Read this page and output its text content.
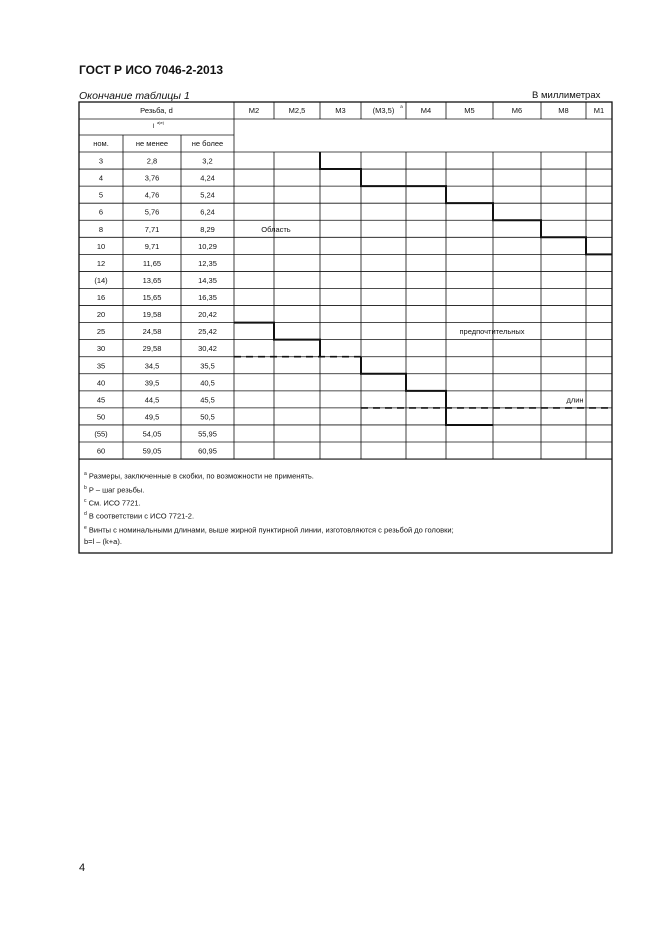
ГОСТ Р ИСО 7046-2-2013
Окончание таблицы 1	В миллиметрах
Резьба, d
l
a)e)
ном.	не менее	не более
M2	M2,5	M3	(M3,5)	M4	M5	M6	M8	M1
a
3	2,8	3,2
4	3,76	4,24
5	4,76	5,24
6	5,76	6,24
8	7,71	8,29
10	9,71	10,29
12	11,65	12,35
(14)	13,65	14,35
16	15,65	16,35
20	19,58	20,42
25	24,58	25,42
30	29,58	30,42
35	34,5	35,5
40	39,5	40,5
45	44,5	45,5
50	49,5	50,5
(55)	54,05	55,95
60	59,05	60,95
Область
предпочтительных
длин
$^a$ Размеры, заключенные в скобки, по возможности не применять.
$^b$ P – шаг резьбы.
$^c$ См. ИСО 7721.
$^d$ В соответствии с ИСО 7721-2.
$^e$ Винты с номинальными длинами, выше жирной пунктирной линии, изготовляются с резьбой до головки;
b=l – (k+a).
4
